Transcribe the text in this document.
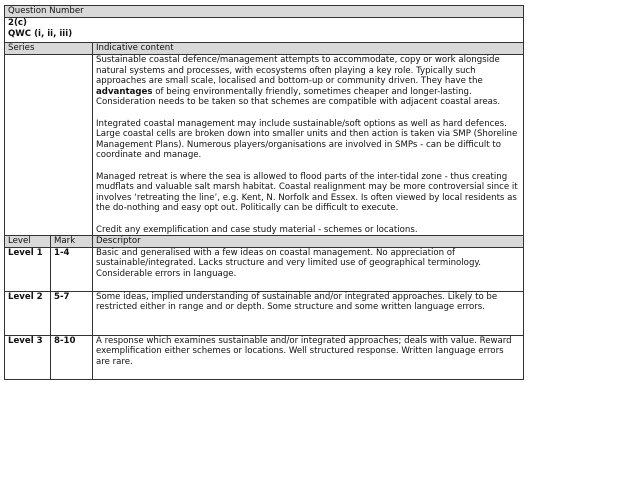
Question Number		

2(c)
QWC (i, ii, iii)		

Series		Indicative content

		Sustainable coastal defence/management attempts to accommodate, copy or work alongside natural systems and processes, with ecosystems often playing a key role. Typically such approaches are small scale, localised and bottom-up or community driven. They have the advantages of being environmentally friendly, sometimes cheaper and longer-lasting. Consideration needs to be taken so that schemes are compatible with adjacent coastal areas.

Integrated coastal management may include sustainable/soft options as well as hard defences. Large coastal cells are broken down into smaller units and then action is taken via SMP (Shoreline Management Plans). Numerous players/organisations are involved in SMPs - can be difficult to coordinate and manage.

Managed retreat is where the sea is allowed to flood parts of the inter-tidal zone - thus creating mudflats and valuable salt marsh habitat. Coastal realignment may be more controversial since it involves ‘retreating the line’, e.g. Kent, N. Norfolk and Essex. Is often viewed by local residents as the do-nothing and easy opt out. Politically can be difficult to execute.

Credit any exemplification and case study material - schemes or locations.

Level	Mark	Descriptor
Level 1	1-4	Basic and generalised with a few ideas on coastal management. No appreciation of sustainable/integrated. Lacks structure and very limited use of geographical terminology. Considerable errors in language.
Level 2	5-7	Some ideas, implied understanding of sustainable and/or integrated approaches. Likely to be restricted either in range and or depth. Some structure and some written language errors.
Level 3	8-10	A response which examines sustainable and/or integrated approaches; deals with value. Reward exemplification either schemes or locations. Well structured response. Written language errors are rare.
